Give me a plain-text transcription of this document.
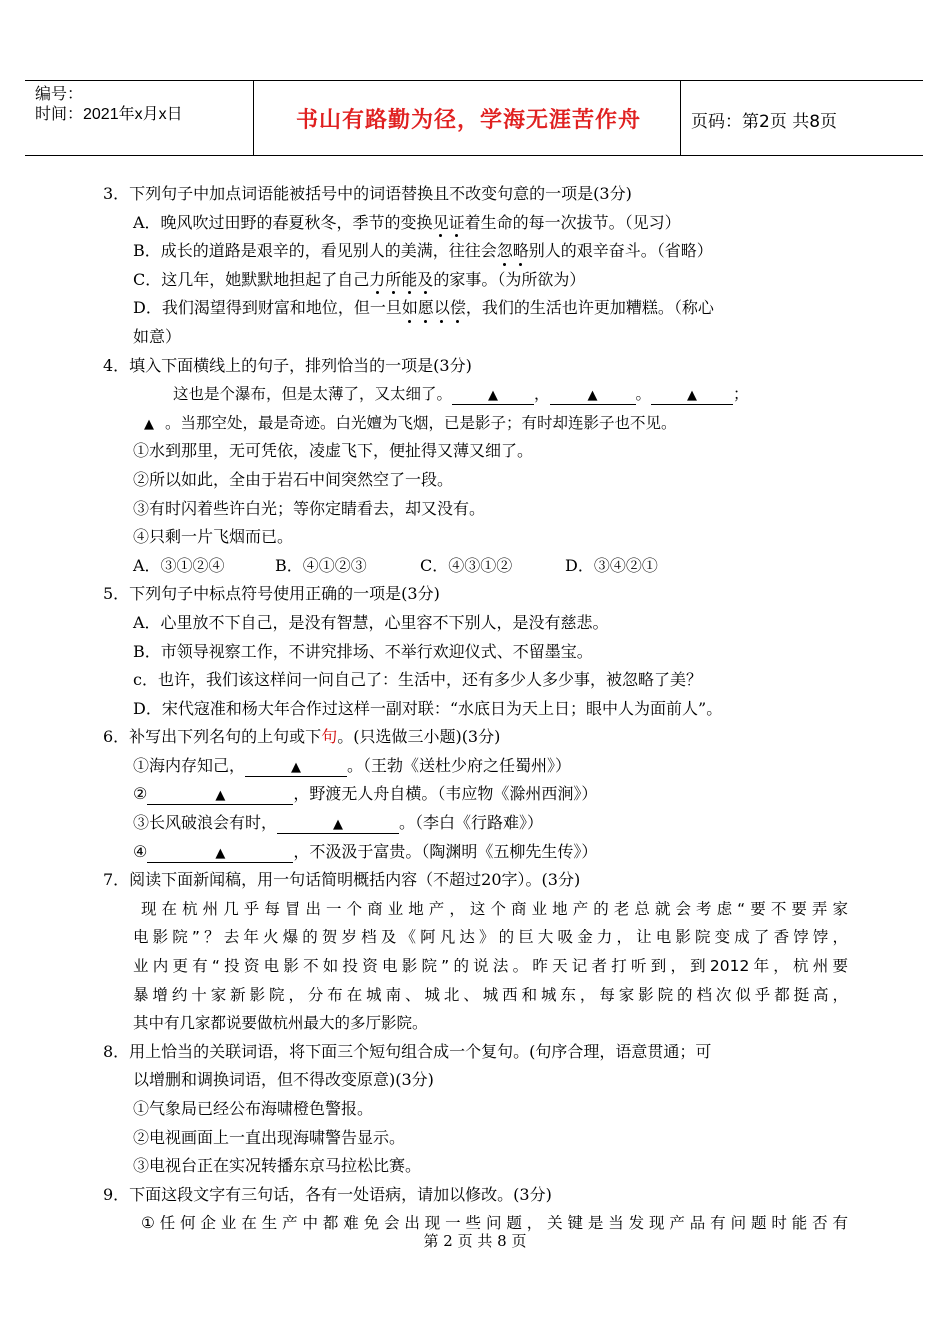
编号：
时间：2021年x月x日	书山有路勤为径，学海无涯苦作舟	页码：第2页 共8页
3．下列句子中加点词语能被括号中的词语替换且不改变句意的一项是(3分)
A．晚风吹过田野的春夏秋冬，季节的变换见证着生命的每一次拔节。（见习）
B．成长的道路是艰辛的，看见别人的美满，往往会忽略别人的艰辛奋斗。（省略）
C．这几年，她默默地担起了自己力所能及的家事。（为所欲为）
D．我们渴望得到财富和地位，但一旦如愿以偿，我们的生活也许更加糟糕。（称心
如意）
4．填入下面横线上的句子，排列恰当的一项是(3分)
这也是个瀑布，但是太薄了，又太细了。	▲ ，	▲ 。	▲ ；
▲ 。当那空处，最是奇迹。白光嬗为飞烟，已是影子；有时却连影子也不见。
①水到那里，无可凭依，凌虚飞下，便扯得又薄又细了。
②所以如此，全由于岩石中间突然空了一段。
③有时闪着些许白光；等你定睛看去，却又没有。
④只剩一片飞烟而已。
A．③①②④	B．④①②③	C．④③①②	D．③④②①
5．下列句子中标点符号使用正确的一项是(3分)
A．心里放不下自己，是没有智慧，心里容不下别人，是没有慈悲。
B．市领导视察工作，不讲究排场、不举行欢迎仪式、不留墨宝。
c．也许，我们该这样问一问自己了：生活中，还有多少人多少事，被忽略了美？
D．宋代寇准和杨大年合作过这样一副对联：“水底日为天上日；眼中人为面前人”。
6．补写出下列名句的上句或下句。(只选做三小题)(3分)
①海内存知己，	▲	。（王勃《送杜少府之任蜀州》）
②	▲	，野渡无人舟自横。（韦应物《滁州西涧》）
③长风破浪会有时，	▲	。（李白《行路难》）
④	▲	，不汲汲于富贵。（陶渊明《五柳先生传》）
7．阅读下面新闻稿，用一句话简明概括内容（不超过20字）。(3分)
现在杭州几乎每冒出一个商业地产，这个商业地产的老总就会考虑“要不要弄家
电影院”？去年火爆的贺岁档及《阿凡达》的巨大吸金力，让电影院变成了香饽饽，
业内更有“投资电影不如投资电影院”的说法。昨天记者打听到，到2012年，杭州要
暴增约十家新影院，分布在城南、城北、城西和城东，每家影院的档次似乎都挺高，
其中有几家都说要做杭州最大的多厅影院。
8．用上恰当的关联词语，将下面三个短句组合成一个复句。(句序合理，语意贯通；可
以增删和调换词语，但不得改变原意)(3分)
①气象局已经公布海啸橙色警报。
②电视画面上一直出现海啸警告显示。
③电视台正在实况转播东京马拉松比赛。
9．下面这段文字有三句话，各有一处语病，请加以修改。(3分)
①任何企业在生产中都难免会出现一些问题，关键是当发现产品有问题时能否有
第 2 页 共 8 页
